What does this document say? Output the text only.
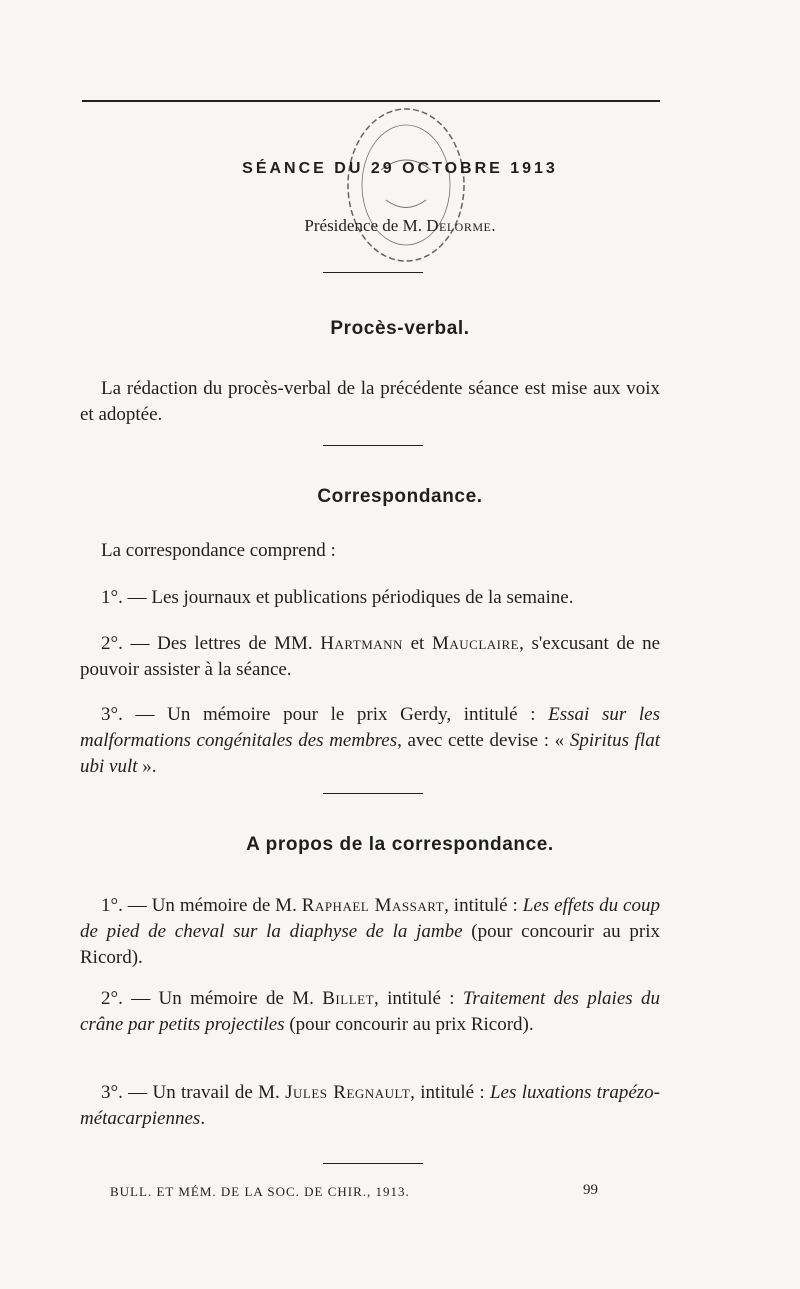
SÉANCE DU 29 OCTOBRE 1913
Présidence de M. Delorme.
Procès-verbal.
La rédaction du procès-verbal de la précédente séance est mise aux voix et adoptée.
Correspondance.
La correspondance comprend :
1°. — Les journaux et publications périodiques de la semaine.
2°. — Des lettres de MM. Hartmann et Mauclaire, s'excusant de ne pouvoir assister à la séance.
3°. — Un mémoire pour le prix Gerdy, intitulé : Essai sur les malformations congénitales des membres, avec cette devise : « Spiritus flat ubi vult ».
A propos de la correspondance.
1°. — Un mémoire de M. Raphael Massart, intitulé : Les effets du coup de pied de cheval sur la diaphyse de la jambe (pour concourir au prix Ricord).
2°. — Un mémoire de M. Billet, intitulé : Traitement des plaies du crâne par petits projectiles (pour concourir au prix Ricord).
3°. — Un travail de M. Jules Regnault, intitulé : Les luxations trapézo-métacarpiennes.
BULL. ET MÉM. DE LA SOC. DE CHIR., 1913.	99
